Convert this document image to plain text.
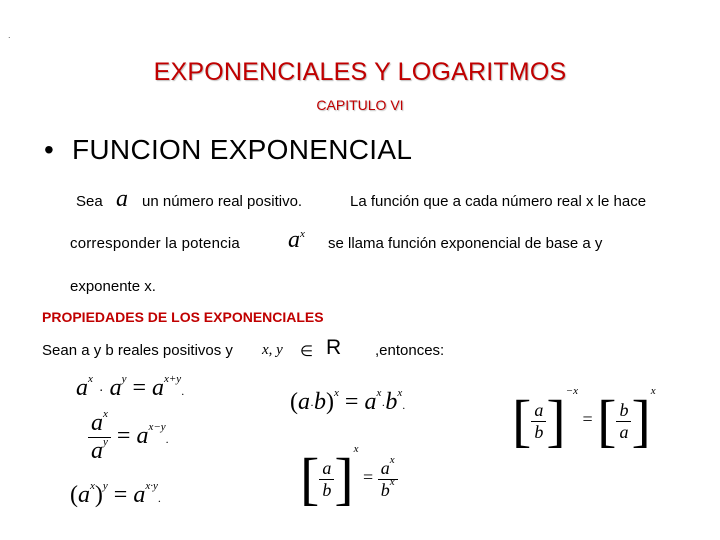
.
EXPONENCIALES Y LOGARITMOS
CAPITULO VI
• FUNCION EXPONENCIAL
Sea a un número real positivo.	La función que a cada número real x le hace
corresponder la potencia $a^x$
se llama función exponencial de base a y
exponente x.
PROPIEDADES DE LOS EXPONENCIALES
Sean a y b reales positivos y x, y ∈ R ,entonces:
$a^x \cdot a^y = a^{x+y}$.	$(a\cdot b)^x = a^x\cdot b^x$. [ $\frac{a}{b} ]^{-x}$ = [ $\frac{b}{a} ]^x$
$\frac{a^x}{a^y} = a^{x-y}$.
[ $\frac{a}{b} ]^x = \frac{a^x}{b^x}$
$(a^x)^y = a^{x\cdot y}$.
